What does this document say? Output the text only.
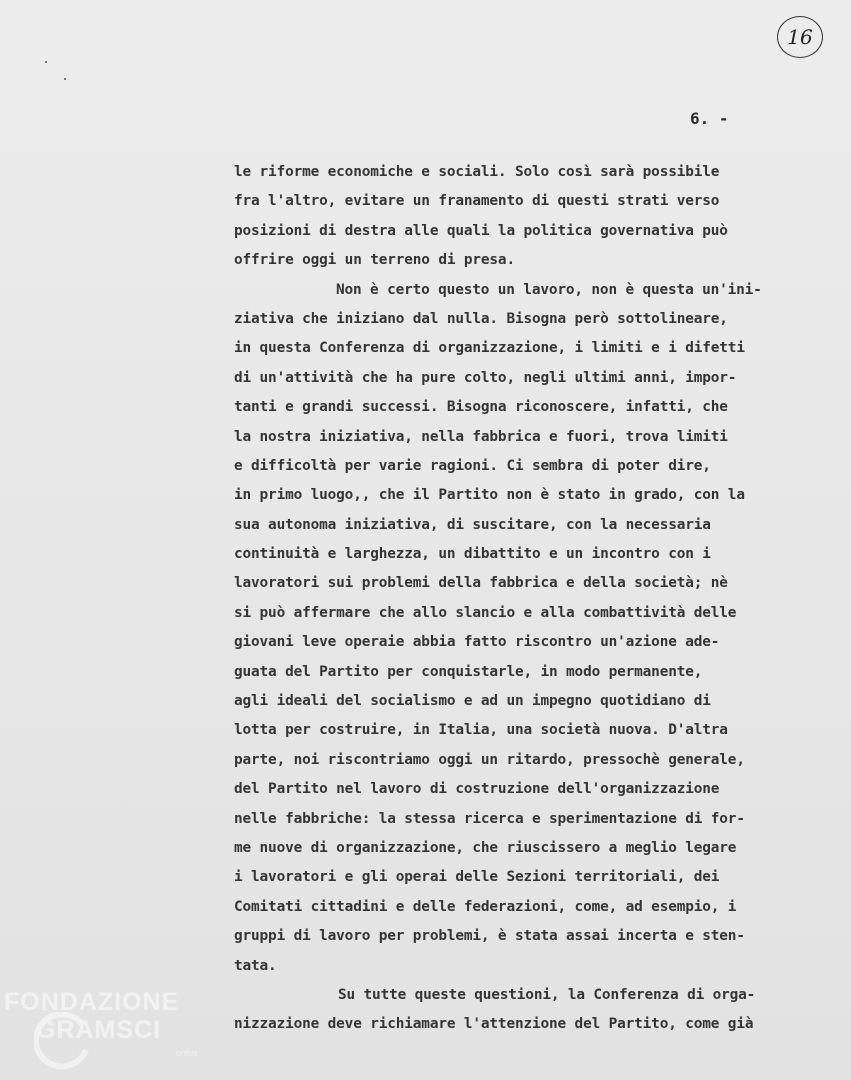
16
6. -
le riforme economiche e sociali. Solo così sarà possibile
fra l'altro, evitare un franamento di questi strati verso
posizioni di destra alle quali la politica governativa può
offrire oggi un terreno di presa.
Non è certo questo un lavoro, non è questa un'ini-
ziativa che iniziano dal nulla. Bisogna però sottolineare,
in questa Conferenza di organizzazione, i limiti e i difetti
di un'attività che ha pure colto, negli ultimi anni, impor-
tanti e grandi successi. Bisogna riconoscere, infatti, che
la nostra iniziativa, nella fabbrica e fuori, trova limiti
e difficoltà per varie ragioni. Ci sembra di poter dire,
in primo luogo,, che il Partito non è stato in grado, con la
sua autonoma iniziativa, di suscitare, con la necessaria
continuità e larghezza, un dibattito e un incontro con i
lavoratori sui problemi della fabbrica e della società; nè
si può affermare che allo slancio e alla combattività delle
giovani leve operaie abbia fatto riscontro un'azione ade-
guata del Partito per conquistarle, in modo permanente,
agli ideali del socialismo e ad un impegno quotidiano di
lotta per costruire, in Italia, una società nuova. D'altra
parte, noi riscontriamo oggi un ritardo, pressochè generale,
del Partito nel lavoro di costruzione dell'organizzazione
nelle fabbriche: la stessa ricerca e sperimentazione di for-
me nuove di organizzazione, che riuscissero a meglio legare
i lavoratori e gli operai delle Sezioni territoriali, dei
Comitati cittadini e delle federazioni, come, ad esempio, i
gruppi di lavoro per problemi, è stata assai incerta e sten-
tata.
Su tutte queste questioni, la Conferenza di orga-
nizzazione deve richiamare l'attenzione del Partito, come già
FONDAZIONE
GRAMSCI
onlus
